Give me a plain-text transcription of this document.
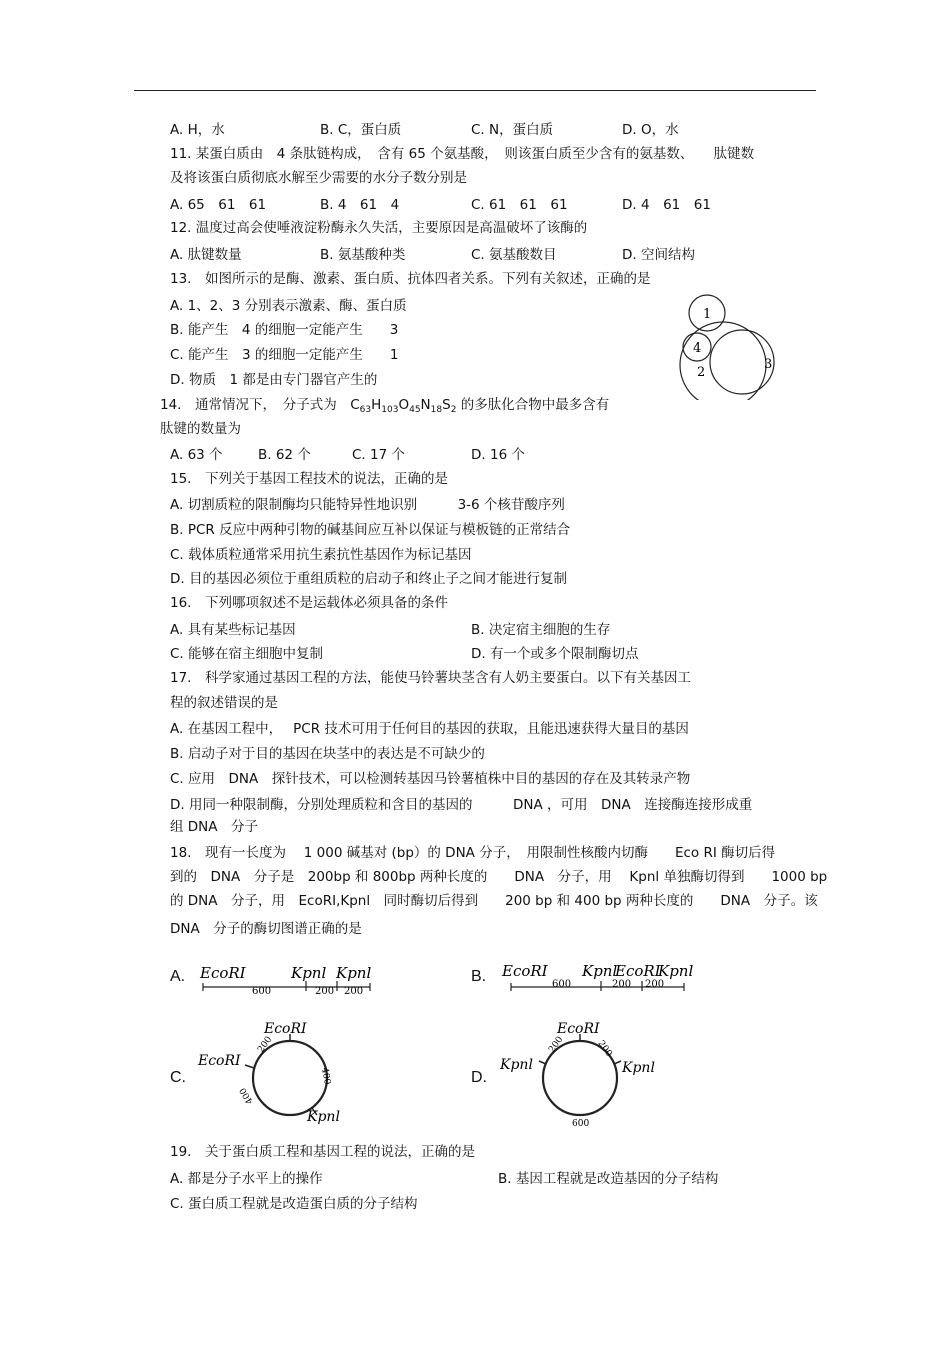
A. H，水	B. C，蛋白质	C. N，蛋白质	D. O，水
11. 某蛋白质由　4 条肽链构成，　含有 65 个氨基酸，　则该蛋白质至少含有的氨基数、　　肽键数
及将该蛋白质彻底水解至少需要的水分子数分别是
A. 65　61　61	B. 4　61　4	C. 61　61　61	D. 4　61　61
12. 温度过高会使唾液淀粉酶永久失活，主要原因是高温破坏了该酶的
A. 肽键数量	B. 氨基酸种类	C. 氨基酸数目	D. 空间结构
13.　如图所示的是酶、激素、蛋白质、抗体四者关系。下列有关叙述，正确的是
A. 1、2、3 分别表示激素、酶、蛋白质
B. 能产生　4 的细胞一定能产生　　3
C. 能产生　3 的细胞一定能产生　　1
D. 物质　1 都是由专门器官产生的
1
4
2
3
14.　通常情况下，　分子式为　$C_{63}H_{103}O_{45}N_{18}S_2$ 的多肽化合物中最多含有
肽键的数量为
A. 63 个	B. 62 个	C. 17 个	D. 16 个
15.　下列关于基因工程技术的说法，正确的是
A. 切割质粒的限制酶均只能特异性地识别　　　3-6 个核苷酸序列
B. PCR 反应中两种引物的碱基间应互补以保证与模板链的正常结合
C. 载体质粒通常采用抗生素抗性基因作为标记基因
D. 目的基因必须位于重组质粒的启动子和终止子之间才能进行复制
16.　下列哪项叙述不是运载体必须具备的条件
A. 具有某些标记基因	B. 决定宿主细胞的生存
C. 能够在宿主细胞中复制	D. 有一个或多个限制酶切点
17.　科学家通过基因工程的方法，能使马铃薯块茎含有人奶主要蛋白。以下有关基因工
程的叙述错误的是
A. 在基因工程中，　 PCR 技术可用于任何目的基因的获取，且能迅速获得大量目的基因
B. 启动子对于目的基因在块茎中的表达是不可缺少的
C. 应用　DNA　探针技术，可以检测转基因马铃薯植株中目的基因的存在及其转录产物
D. 用同一种限制酶，分别处理质粒和含目的基因的　　　DNA ，可用　DNA　连接酶连接形成重
组 DNA　分子
18.　现有一长度为　 1 000 碱基对 (bp）的 DNA 分子，　用限制性核酸内切酶　　Eco RI 酶切后得
到的　DNA　分子是　200bp 和 800bp 两种长度的　　DNA　分子，用　 Kpnl 单独酶切得到　　1000 bp
的 DNA　分子，用　EcoRI,Kpnl　同时酶切后得到　　200 bp 和 400 bp 两种长度的　　DNA　分子。该
DNA　分子的酶切图谱正确的是
A.	B.
C.	D.
EcoRI	Kpnl Kpnl
600	200 200
EcoRI Kpnl
EcoRI
Kpnl
600	200 200
EcoRI
EcoRI
Kpnl
200
400
400
EcoRI
Kpnl	Kpnl
200	200
600
19.　关于蛋白质工程和基因工程的说法，正确的是
A. 都是分子水平上的操作	B. 基因工程就是改造基因的分子结构
C. 蛋白质工程就是改造蛋白质的分子结构
